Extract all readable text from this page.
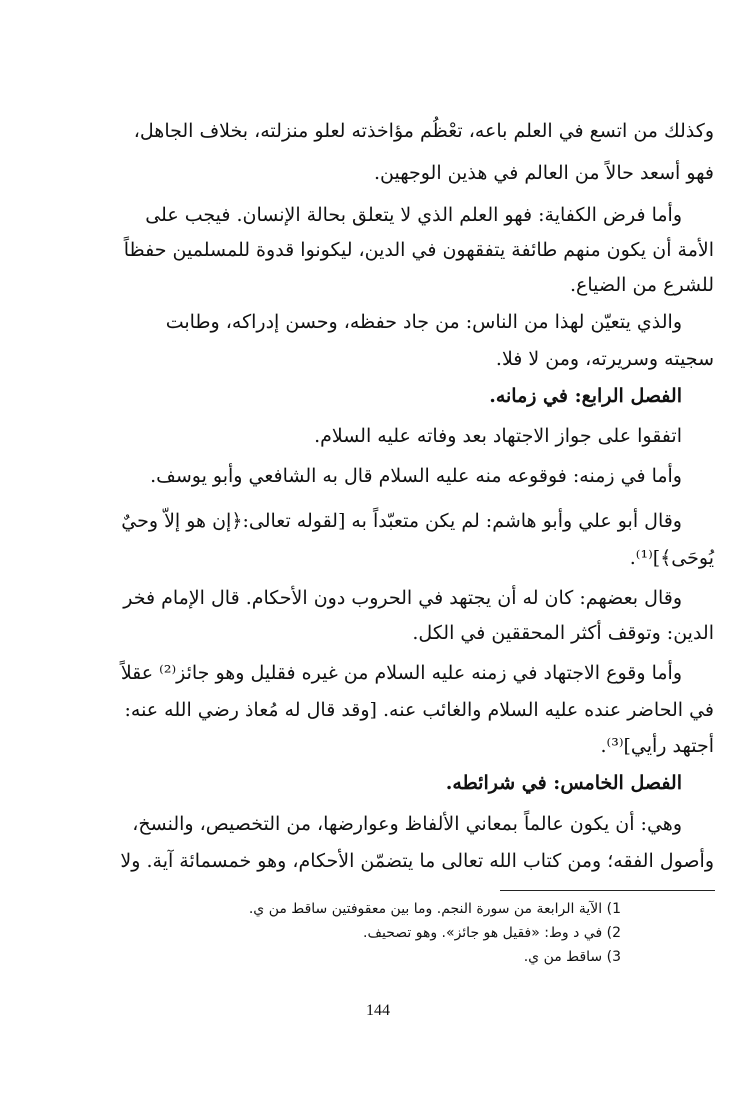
وكذلك من اتسع في العلم باعه، تعْظُم مؤاخذته لعلو منزلته، بخلاف الجاهل،
فهو أسعد حالاً من العالم في هذين الوجهين.
وأما فرض الكفاية: فهو العلم الذي لا يتعلق بحالة الإنسان. فيجب على
الأمة أن يكون منهم طائفة يتفقهون في الدين، ليكونوا قدوة للمسلمين حفظاً
للشرع من الضياع.
والذي يتعيّن لهذا من الناس: من جاد حفظه، وحسن إدراكه، وطابت
سجيته وسريرته، ومن لا فلا.
الفصل الرابع: في زمانه.
اتفقوا على جواز الاجتهاد بعد وفاته عليه السلام.
وأما في زمنه: فوقوعه منه عليه السلام قال به الشافعي وأبو يوسف.
وقال أبو علي وأبو هاشم: لم يكن متعبّداً به [لقوله تعالى:﴿إن هو إلاّ وحيٌ
يُوحَى﴾]⁽¹⁾.
وقال بعضهم: كان له أن يجتهد في الحروب دون الأحكام. قال الإمام فخر
الدين: وتوقف أكثر المحققين في الكل.
وأما وقوع الاجتهاد في زمنه عليه السلام من غيره فقليل وهو جائز⁽²⁾ عقلاً
في الحاضر عنده عليه السلام والغائب عنه. [وقد قال له مُعاذ رضي الله عنه:
أجتهد رأيي]⁽³⁾.
الفصل الخامس: في شرائطه.
وهي: أن يكون عالماً بمعاني الألفاظ وعوارضها، من التخصيص، والنسخ،
وأصول الفقه؛ ومن كتاب الله تعالى ما يتضمّن الأحكام، وهو خمسمائة آية. ولا
1) الآية الرابعة من سورة النجم. وما بين معقوفتين ساقط من ي.
2) في د وط: «فقيل هو جائز». وهو تصحيف.
3) ساقط من ي.
144
